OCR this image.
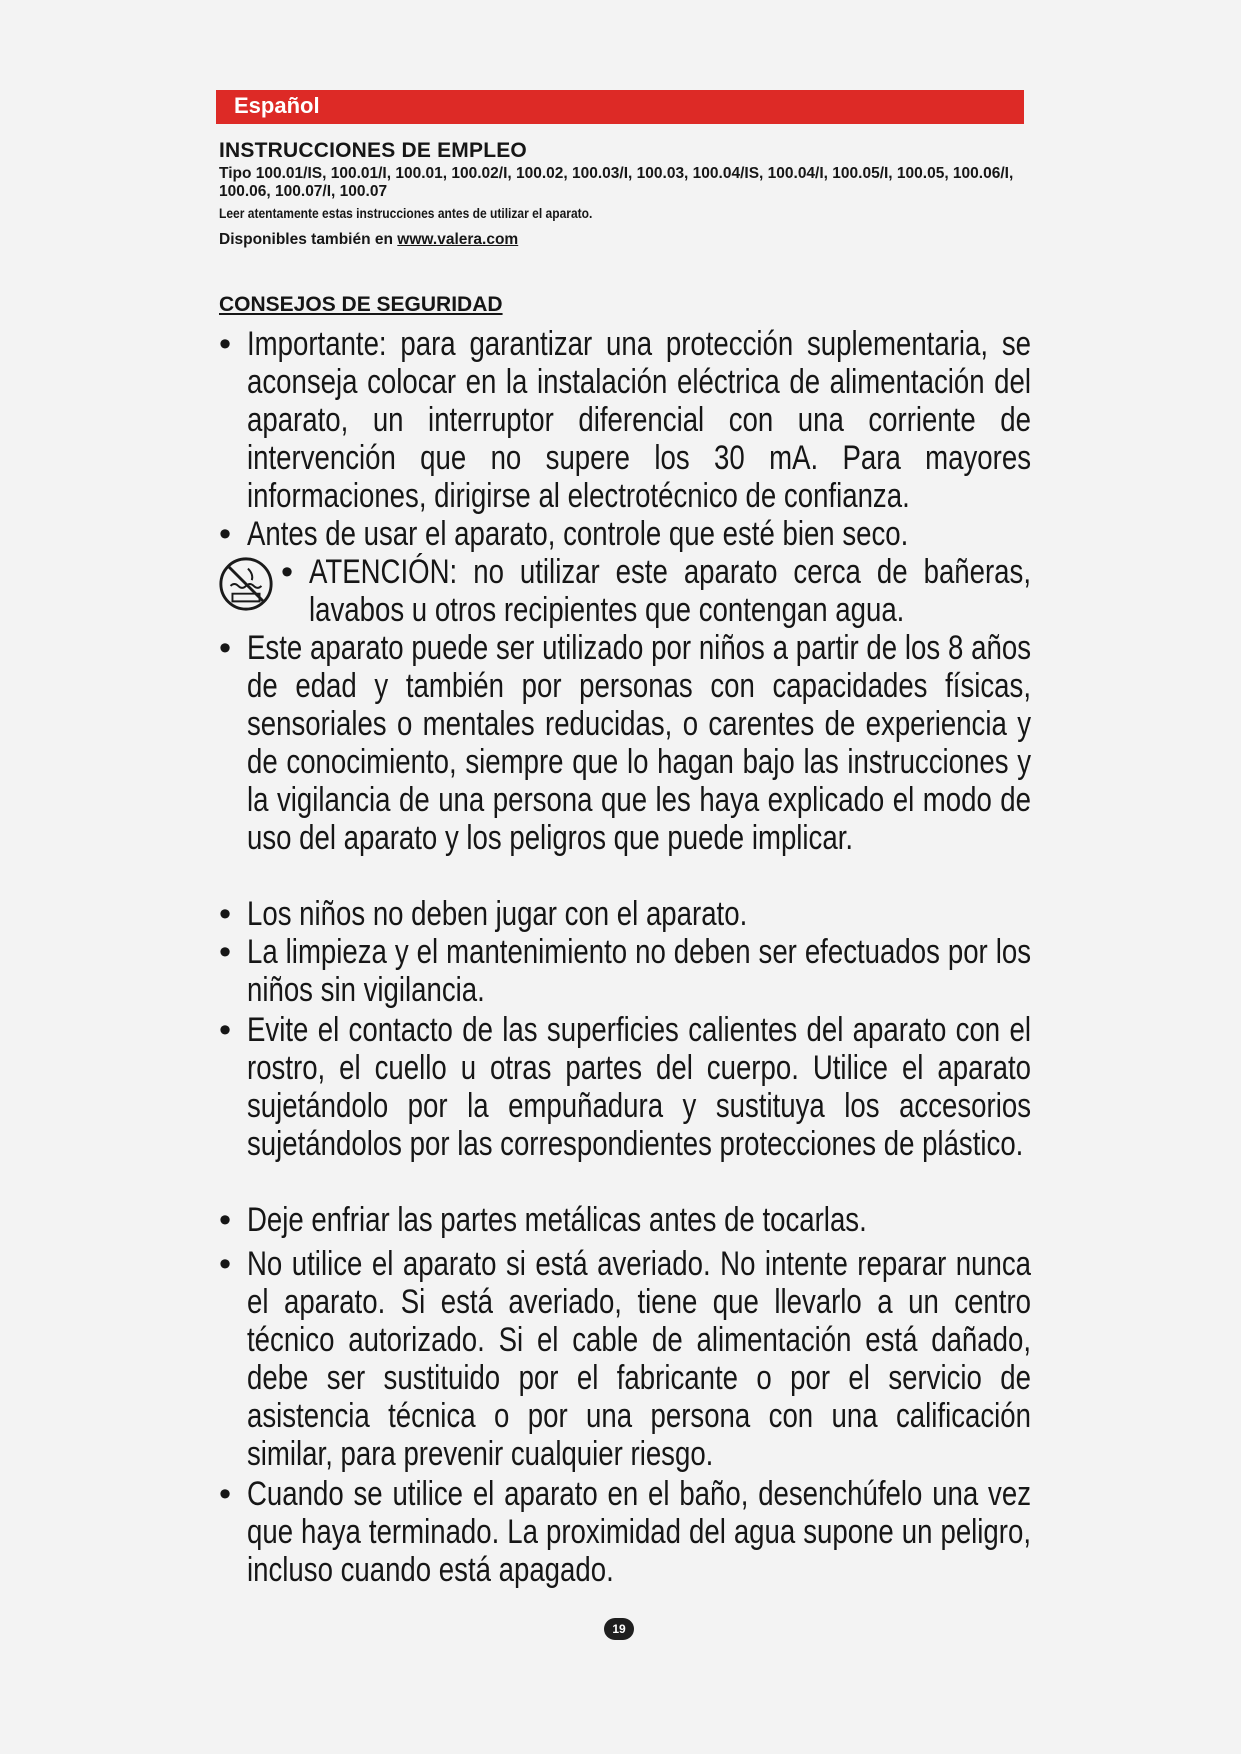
Español

INSTRUCCIONES DE EMPLEO

Tipo 100.01/IS, 100.01/I, 100.01, 100.02/I, 100.02, 100.03/I, 100.03, 100.04/IS, 100.04/I, 100.05/I, 100.05, 100.06/I, 100.06, 100.07/I, 100.07

Leer atentamente estas instrucciones antes de utilizar el aparato.

Disponibles también en www.valera.com

CONSEJOS DE SEGURIDAD

• Importante: para garantizar una protección suplementaria, se aconseja colocar en la instalación eléctrica de alimentación del aparato, un interruptor diferencial con una corriente de intervención que no supere los 30 mA. Para mayores informaciones, dirigirse al electrotécnico de confianza.
• Antes de usar el aparato, controle que esté bien seco.
• ATENCIÓN: no utilizar este aparato cerca de bañeras, lavabos u otros recipientes que contengan agua.
• Este aparato puede ser utilizado por niños a partir de los 8 años de edad y también por personas con capacidades físicas, sensoriales o mentales reducidas, o carentes de experiencia y de conocimiento, siempre que lo hagan bajo las instrucciones y la vigilancia de una persona que les haya explicado el modo de uso del aparato y los peligros que puede implicar.
• Los niños no deben jugar con el aparato.
• La limpieza y el mantenimiento no deben ser efectuados por los niños sin vigilancia.
• Evite el contacto de las superficies calientes del aparato con el rostro, el cuello u otras partes del cuerpo. Utilice el aparato sujetándolo por la empuñadura y sustituya los accesorios sujetándolos por las correspondientes protecciones de plástico.
• Deje enfriar las partes metálicas antes de tocarlas.
• No utilice el aparato si está averiado. No intente reparar nunca el aparato. Si está averiado, tiene que llevarlo a un centro técnico autorizado. Si el cable de alimentación está dañado, debe ser sustituido por el fabricante o por el servicio de asistencia técnica o por una persona con una calificación similar, para prevenir cualquier riesgo.
• Cuando se utilice el aparato en el baño, desenchúfelo una vez que haya terminado. La proximidad del agua supone un peligro, incluso cuando está apagado.
19
